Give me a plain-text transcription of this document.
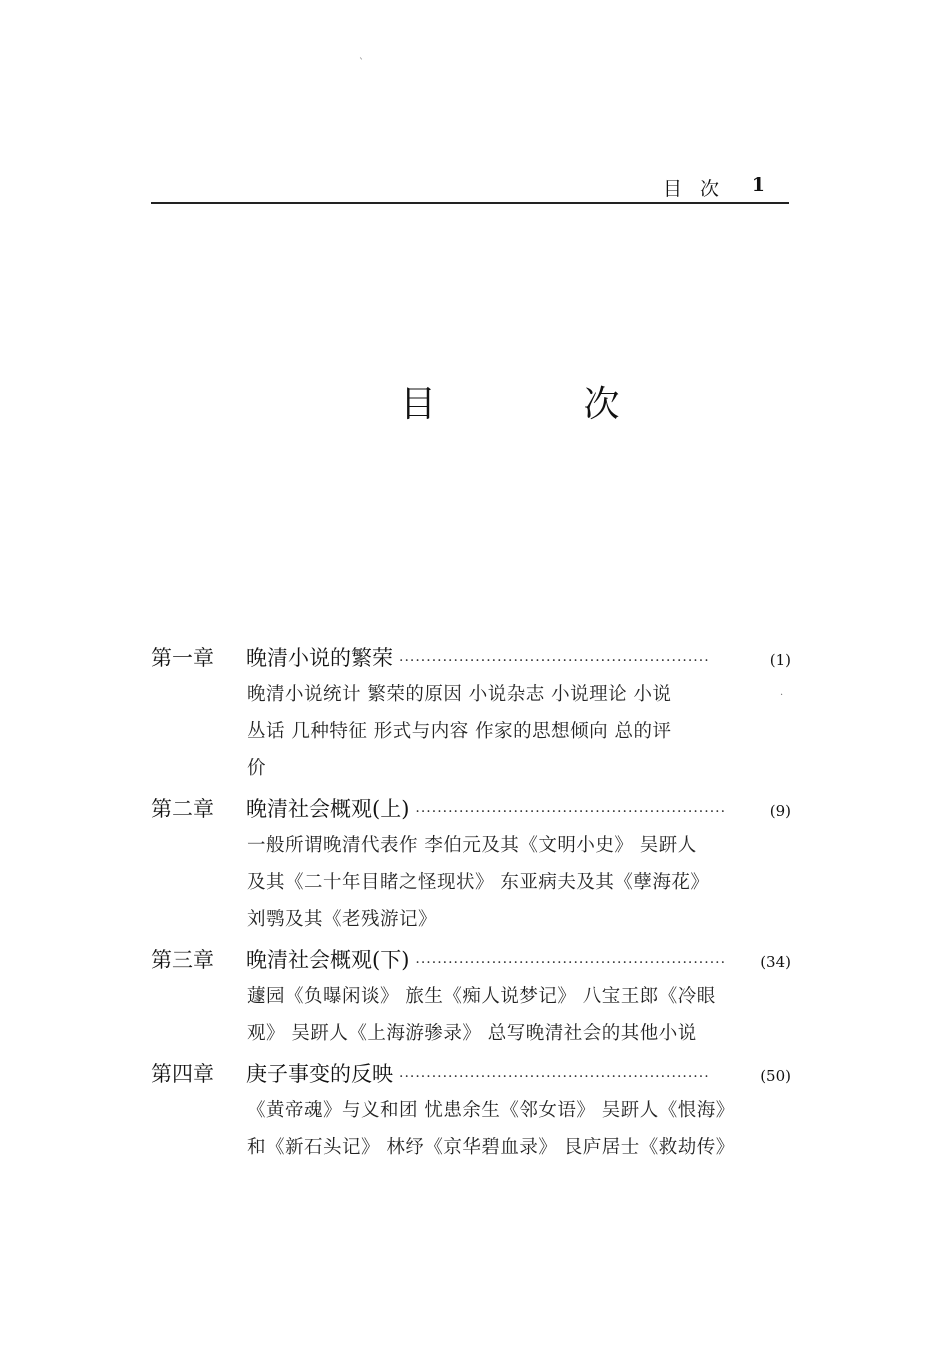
`
目次 1
目 次
第一章	晚清小说的繁荣 ·························································	(1)
晚清小说统计 繁荣的原因 小说杂志 小说理论 小说
丛话 几种特征 形式与内容 作家的思想倾向 总的评
价
第二章	晚清社会概观(上) ·························································	(9)
一般所谓晚清代表作 李伯元及其《文明小史》 吴趼人
及其《二十年目睹之怪现状》 东亚病夫及其《孽海花》
刘鹗及其《老残游记》
第三章	晚清社会概观(下) ·························································	(34)
蘧园《负曝闲谈》 旅生《痴人说梦记》 八宝王郎《冷眼
观》 吴趼人《上海游骖录》 总写晚清社会的其他小说
第四章	庚子事变的反映 ·························································	(50)
《黄帝魂》与义和团 忧患余生《邻女语》 吴趼人《恨海》
和《新石头记》 林纾《京华碧血录》 艮庐居士《救劫传》
·
